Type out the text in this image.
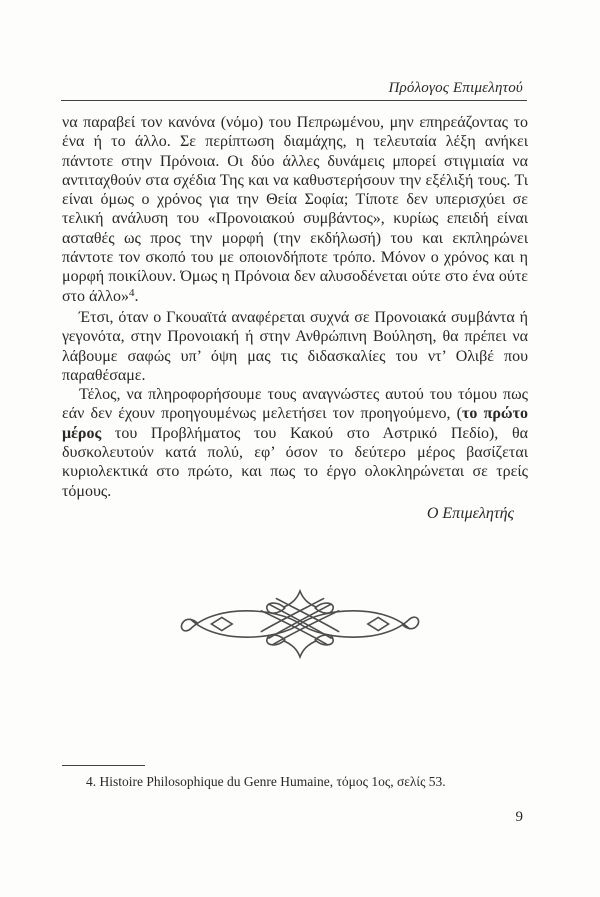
Πρόλογος Επιμελητού
να παραβεί τον κανόνα (νόμο) του Πεπρωμένου, μην επηρεάζοντας το ένα ή το άλλο. Σε περίπτωση διαμάχης, η τελευταία λέξη ανήκει πάντοτε στην Πρόνοια. Οι δύο άλλες δυνάμεις μπορεί στιγμιαία να αντιταχθούν στα σχέδια Της και να καθυστερήσουν την εξέλιξή τους. Τι είναι όμως ο χρόνος για την Θεία Σοφία; Τίποτε δεν υπερισχύει σε τελική ανάλυση του «Προνοιακού συμβάντος», κυρίως επειδή είναι ασταθές ως προς την μορφή (την εκδήλωσή) του και εκπληρώνει πάντοτε τον σκοπό του με οποιονδήποτε τρόπο. Μόνον ο χρόνος και η μορφή ποικίλουν. Όμως η Πρόνοια δεν αλυσοδένεται ούτε στο ένα ούτε στο άλλο»$^4$.
Έτσι, όταν ο Γκουαϊτά αναφέρεται συχνά σε Προνοιακά συμβάντα ή γεγονότα, στην Προνοιακή ή στην Ανθρώπινη Βούληση, θα πρέπει να λάβουμε σαφώς υπ’ όψη μας τις διδασκαλίες του ντ’ Ολιβέ που παραθέσαμε.
Τέλος, να πληροφορήσουμε τους αναγνώστες αυτού του τόμου πως εάν δεν έχουν προηγουμένως μελετήσει τον προηγούμενο, (το πρώτο μέρος του Προβλήματος του Κακού στο Αστρικό Πεδίο), θα δυσκολευτούν κατά πολύ, εφ’ όσον το δεύτερο μέρος βασίζεται κυριολεκτικά στο πρώτο, και πως το έργο ολοκληρώνεται σε τρείς τόμους.
Ο Επιμελητής
4. Histoire Philosophique du Genre Humaine, τόμος 1ος, σελίς 53.
9
